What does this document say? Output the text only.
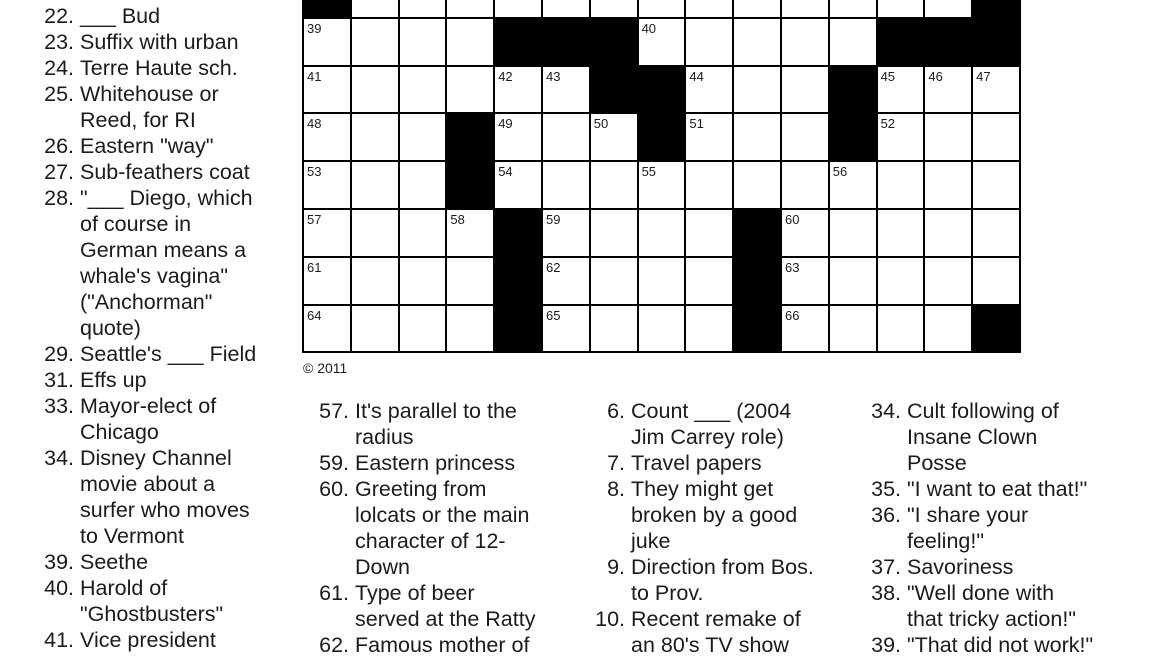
22. ___ Bud
23. Suffix with urban
24. Terre Haute sch.
25. Whitehouse or
Reed, for RI
26. Eastern "way"
27. Sub-feathers coat
28. "___ Diego, which
of course in
German means a
whale's vagina"
("Anchorman"
quote)
29. Seattle's ___ Field
31. Effs up
33. Mayor-elect of
Chicago
34. Disney Channel
movie about a
surfer who moves
to Vermont
39. Seethe
40. Harold of
"Ghostbusters"
41. Vice president
39	40
41	42	43	44	45	46	47
48	49	50	51	52
53	54	55	56
57	58	59	60
61	62	63
64	65	66
© 2011
57. It's parallel to the
radius
59. Eastern princess
60. Greeting from
lolcats or the main
character of 12-
Down
61. Type of beer
served at the Ratty
62. Famous mother of
6. Count ___ (2004
Jim Carrey role)
7. Travel papers
8. They might get
broken by a good
juke
9. Direction from Bos.
to Prov.
10. Recent remake of
an 80's TV show
34. Cult following of
Insane Clown
Posse
35. "I want to eat that!"
36. "I share your
feeling!"
37. Savoriness
38. "Well done with
that tricky action!"
39. "That did not work!"
